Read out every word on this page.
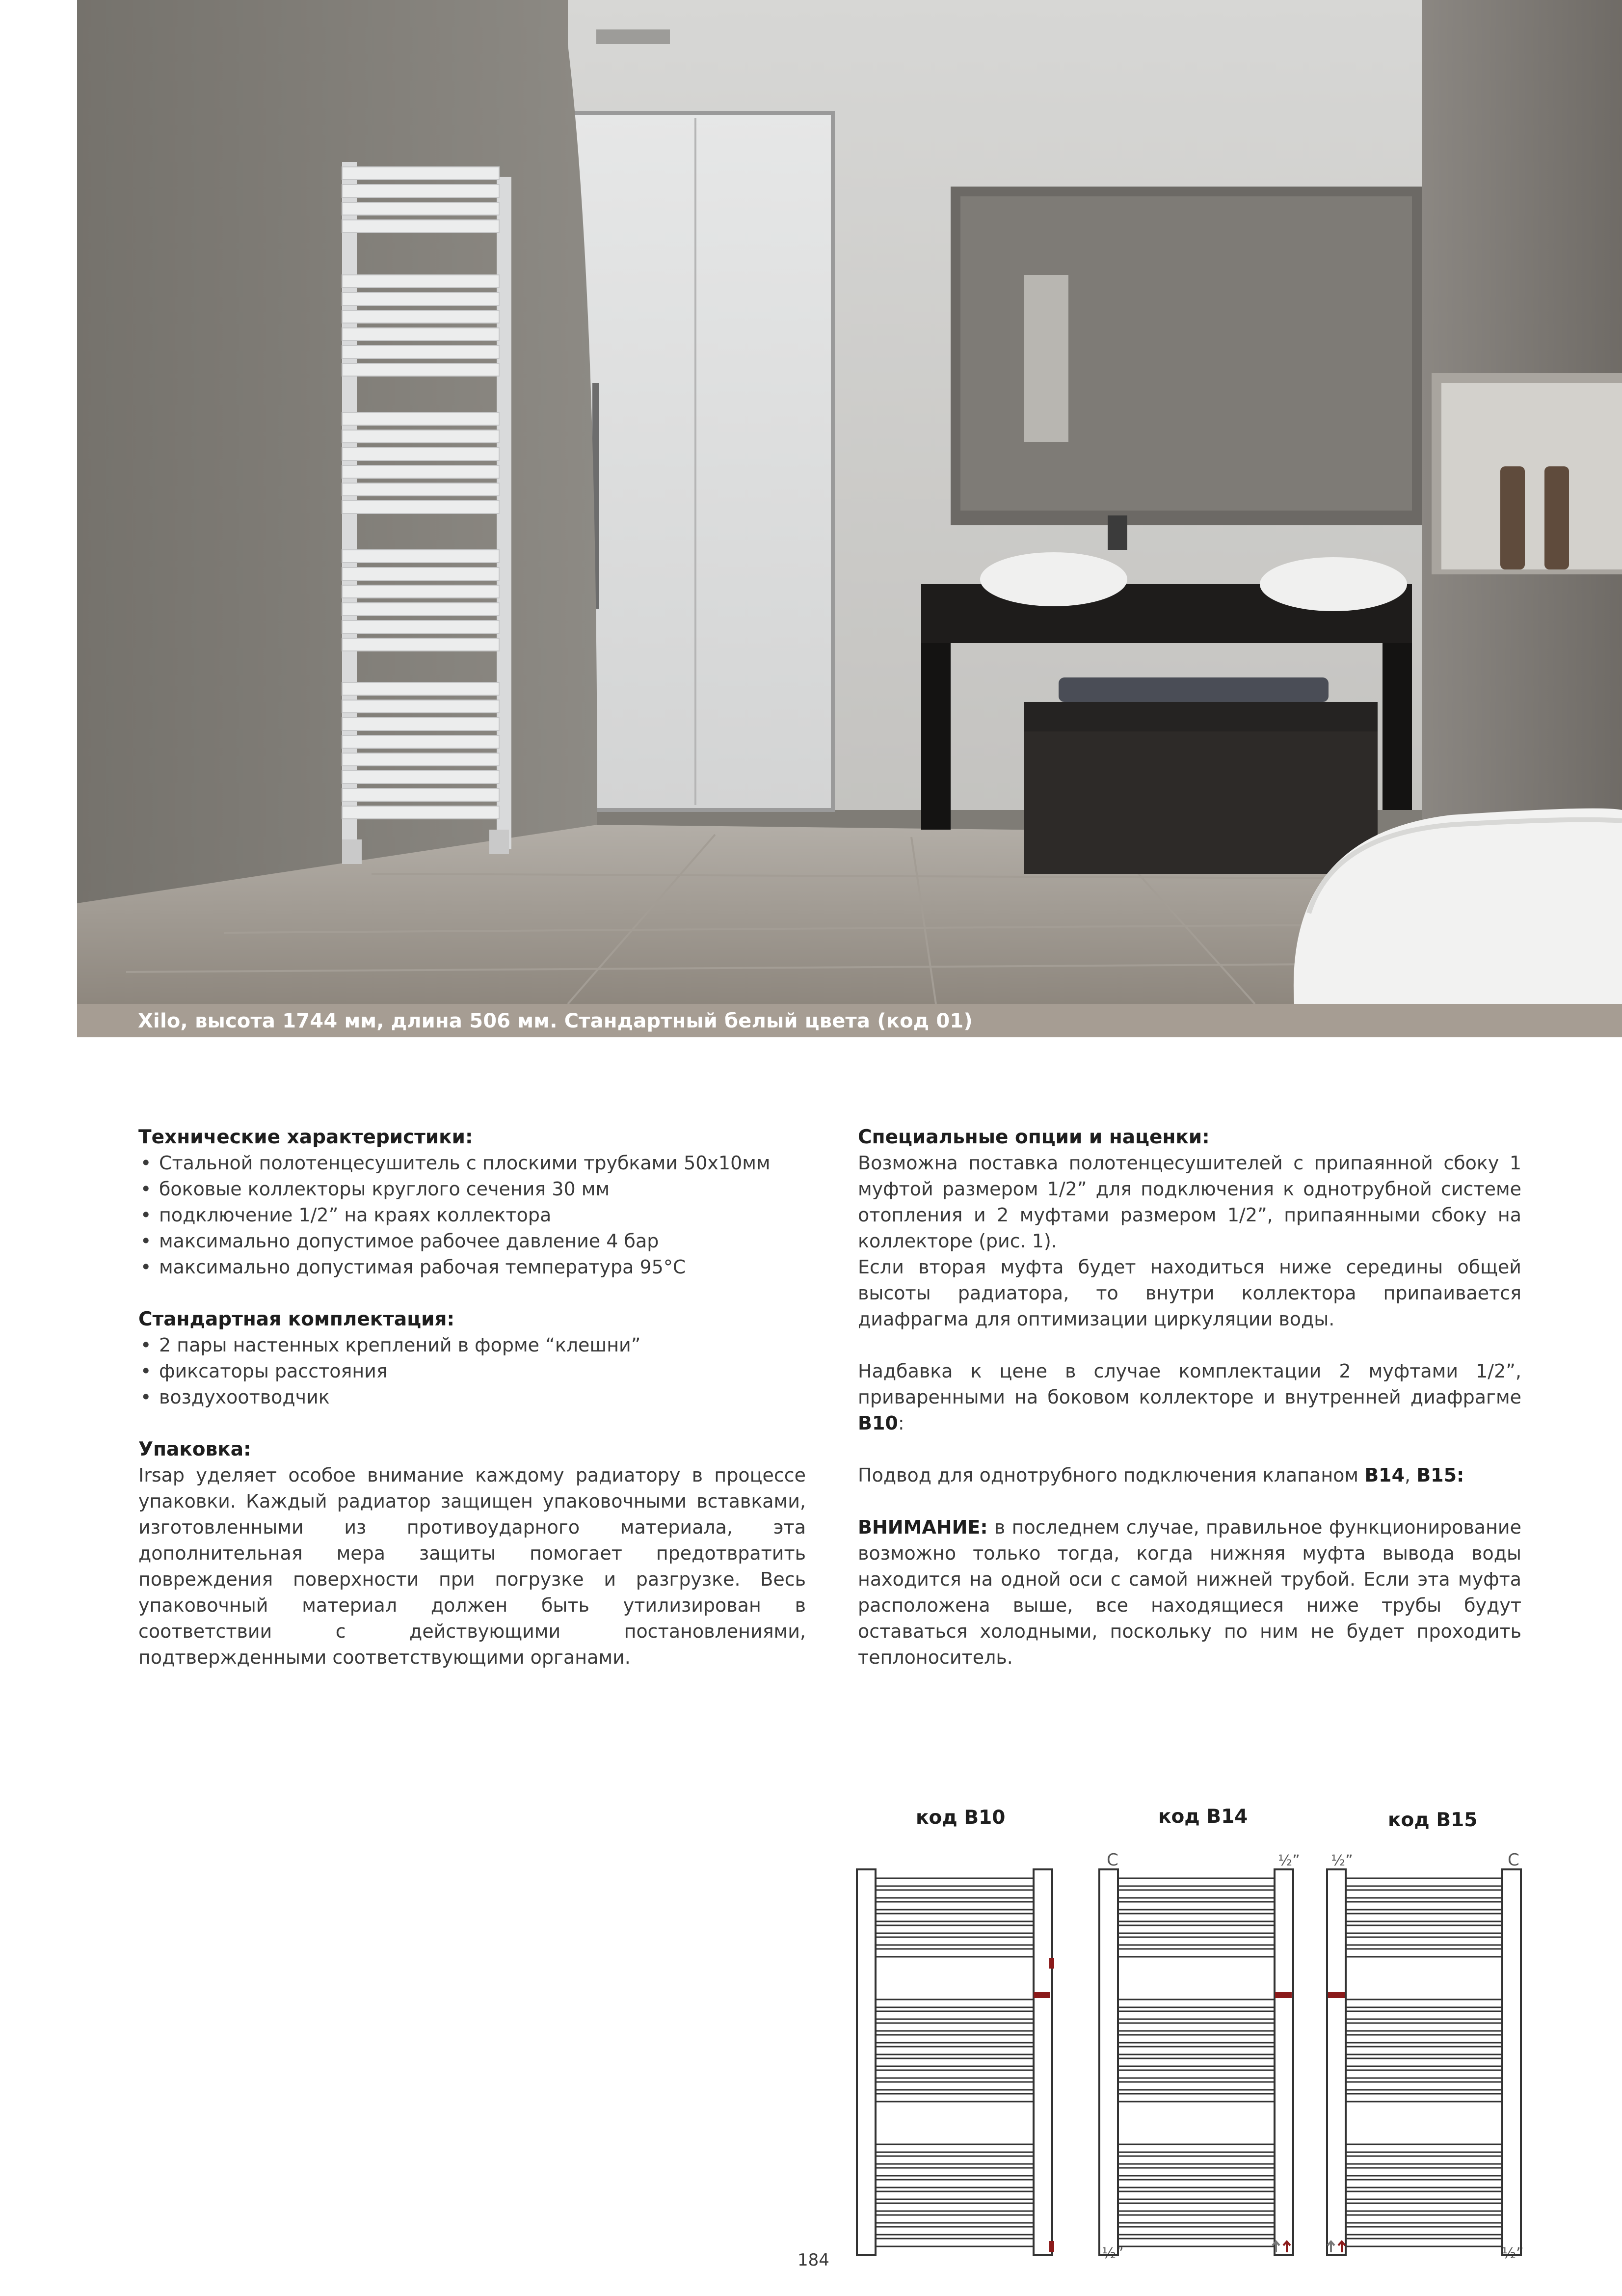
Xilo, высота 1744 мм, длина 506 мм. Стандартный белый цвета (код 01)

Технические характеристики:

• Стальной полотенцесушитель с плоскими трубками 50x10мм
• боковые коллекторы круглого сечения 30 мм
• подключение 1/2” на краях коллектора
• максимально допустимое рабочее давление 4 бар
• максимально допустимая рабочая температура 95°C

Стандартная комплектация:

• 2 пары настенных креплений в форме “клешни”
• фиксаторы расстояния
• воздухоотводчик

Упаковка:

Irsap уделяет особое внимание каждому радиатору в процессе упаковки. Каждый радиатор защищен упаковочными вставками, изготовленными из противоударного материала, эта дополнительная мера защиты помогает предотвратить повреждения поверхности при погрузке и разгрузке. Весь упаковочный материал должен быть утилизирован в соответствии с действующими постановлениями, подтвержденными соответствующими органами.

Специальные опции и наценки:

Возможна поставка полотенцесушителей с припаянной сбоку 1 муфтой размером 1/2” для подключения к однотрубной системе отопления и 2 муфтами размером 1/2”, припаянными сбоку на коллекторе (рис. 1).

Если вторая муфта будет находиться ниже середины общей высоты радиатора, то внутри коллектора припаивается диафрагма для оптимизации циркуляции воды.

Надбавка к цене в случае комплектации 2 муфтами 1/2”, приваренными на боковом коллекторе и внутренней диафрагме B10:

Подвод для однотрубного подключения клапаном B14, B15:

ВНИМАНИЕ: в последнем случае, правильное функционирование возможно только тогда, когда нижняя муфта вывода воды находится на одной оси с самой нижней трубой. Если эта муфта расположена выше, все находящиеся ниже трубы будут оставаться холодными, поскольку по ним не будет проходить теплоноситель.

код B10	код B14	код B15
C	½”
½”
½”	C
½”
184
